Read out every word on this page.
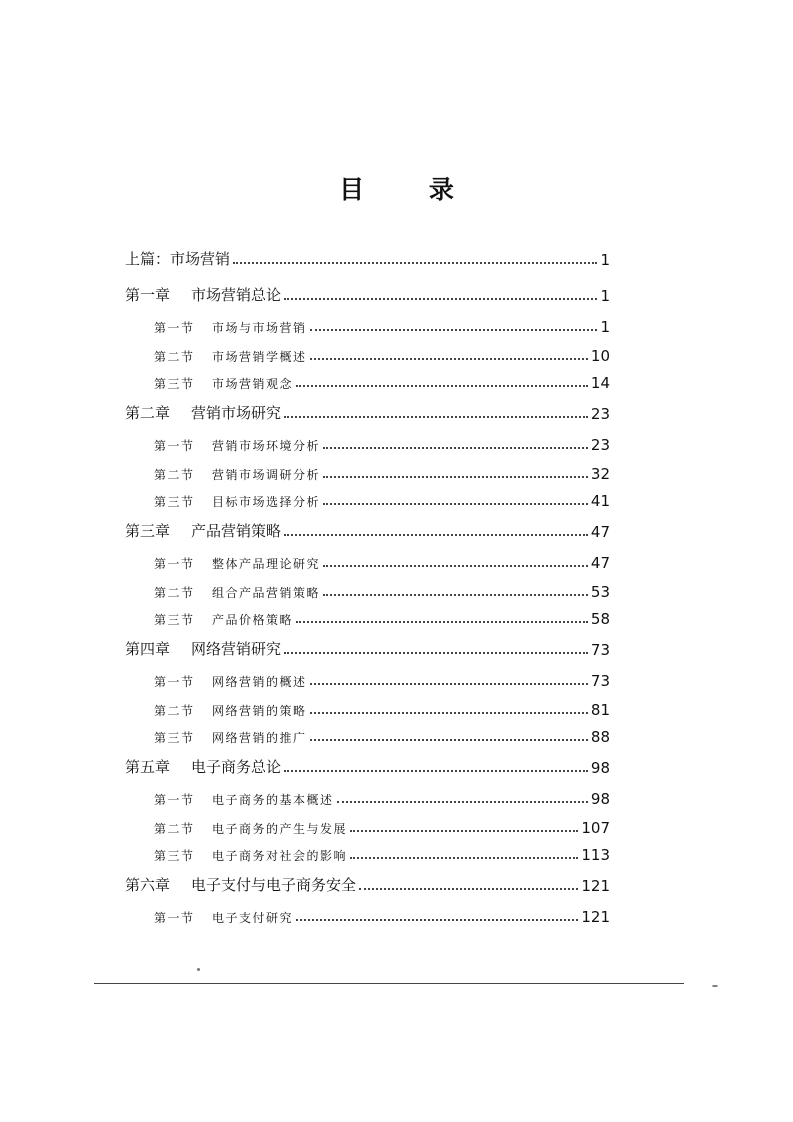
目 录
上篇：市场营销	1
第一章	市场营销总论	1
第一节	市场与市场营销	1
第二节	市场营销学概述	10
第三节	市场营销观念	14
第二章	营销市场研究	23
第一节	营销市场环境分析	23
第二节	营销市场调研分析	32
第三节	目标市场选择分析	41
第三章	产品营销策略	47
第一节	整体产品理论研究	47
第二节	组合产品营销策略	53
第三节	产品价格策略	58
第四章	网络营销研究	73
第一节	网络营销的概述	73
第二节	网络营销的策略	81
第三节	网络营销的推广	88
第五章	电子商务总论	98
第一节	电子商务的基本概述	98
第二节	电子商务的产生与发展	107
第三节	电子商务对社会的影响	113
第六章	电子支付与电子商务安全	121
第一节	电子支付研究	121
